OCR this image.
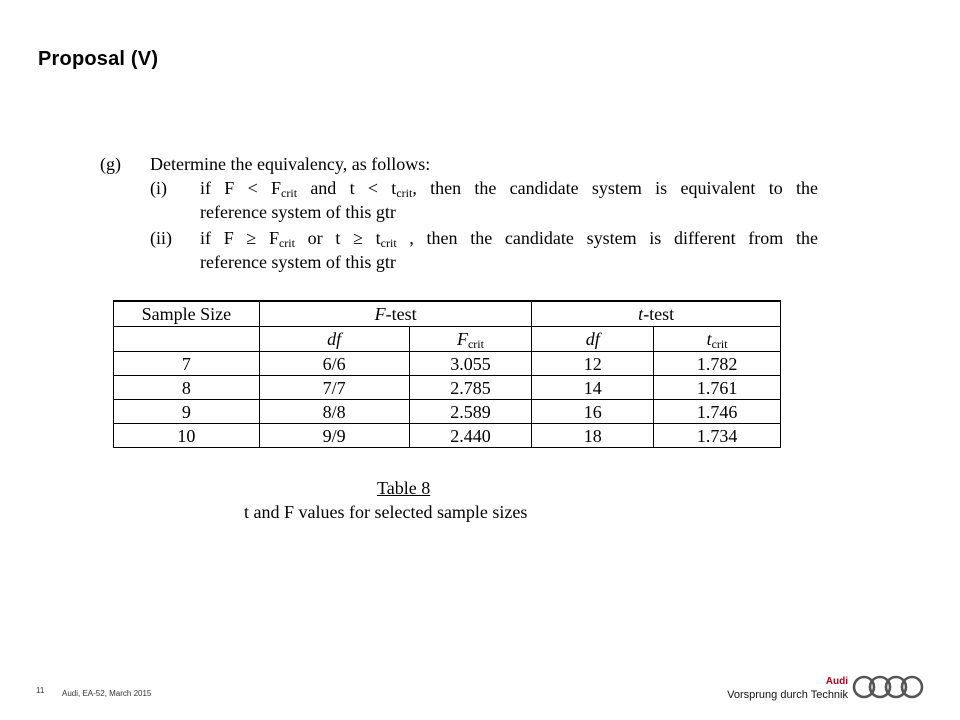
Proposal (V)
(g) Determine the equivalency, as follows:
(i) if $F < F_{crit}$ and $t < t_{crit}$, then the candidate system is equivalent to the
reference system of this gtr
(ii) if $F \ge F_{crit}$ or $t \ge t_{crit}$ , then the candidate system is different from the
reference system of this gtr
Sample Size	F-test		t-test	
	df	$F_{crit}$	df	$t_{crit}$
7	6/6	3.055	12	1.782
8	7/7	2.785	14	1.761
9	8/8	2.589	16	1.746
10	9/9	2.440	18	1.734
Table 8
t and F values for selected sample sizes
11 Audi, EA-52, March 2015
Audi
Vorsprung durch Technik
